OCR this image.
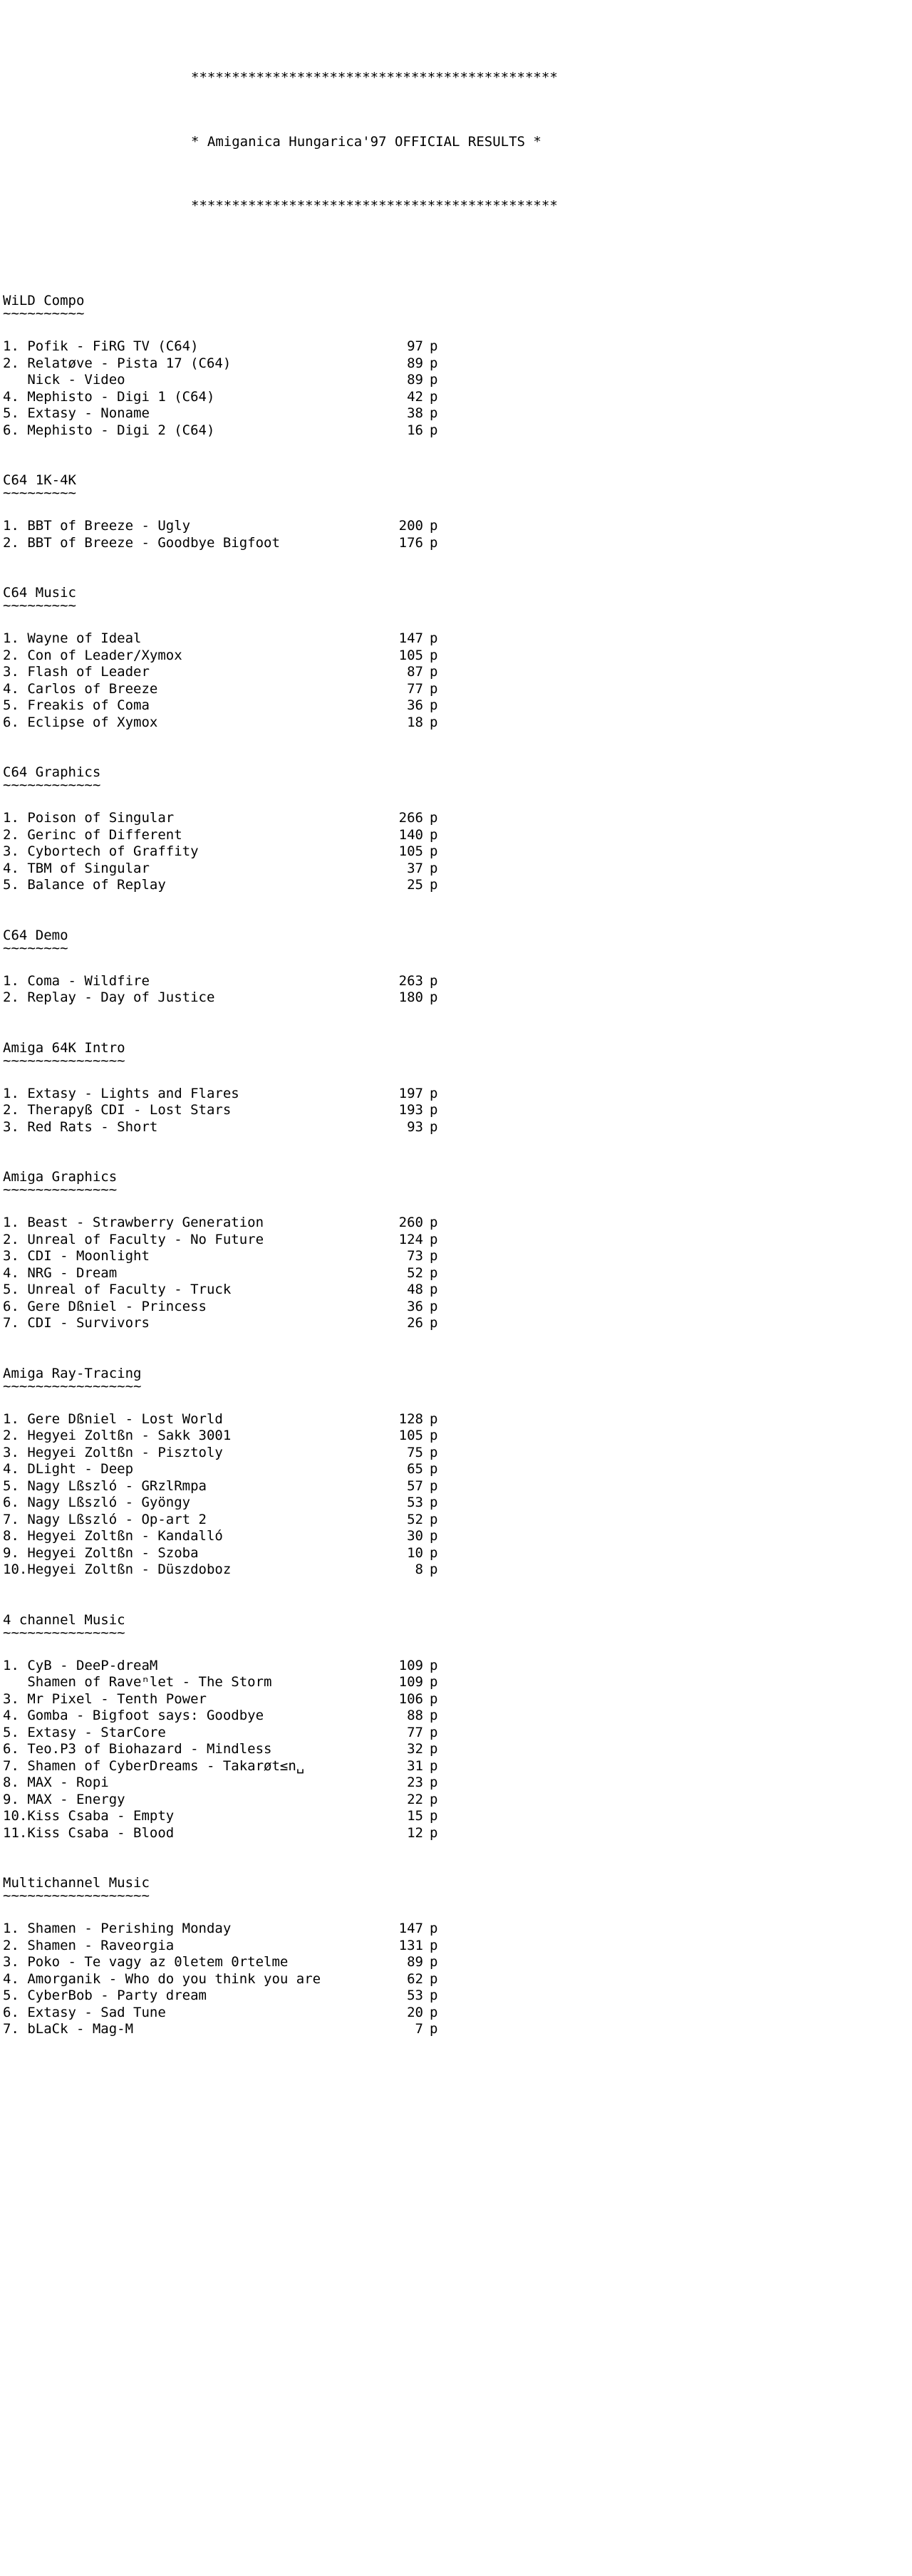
*********************************************

* Amiganica Hungarica'97 OFFICIAL RESULTS *

*********************************************

WiLD Compo
~~~~~~~~~~
1. Pofik - FiRG TV (C64)	97 p
2. Relatøve - Pista 17 (C64)	89 p
Nick - Video	89 p
4. Mephisto - Digi 1 (C64)	42 p
5. Extasy - Noname	38 p
6. Mephisto - Digi 2 (C64)	16 p
C64 1K-4K
~~~~~~~~~
1. BBT of Breeze - Ugly	200 p
2. BBT of Breeze - Goodbye Bigfoot	176 p
C64 Music
~~~~~~~~~
1. Wayne of Ideal	147 p
2. Con of Leader/Xymox	105 p
3. Flash of Leader	87 p
4. Carlos of Breeze	77 p
5. Freakis of Coma	36 p
6. Eclipse of Xymox	18 p
C64 Graphics
~~~~~~~~~~~~
1. Poison of Singular	266 p
2. Gerinc of Different	140 p
3. Cybortech of Graffity	105 p
4. TBM of Singular	37 p
5. Balance of Replay	25 p
C64 Demo
~~~~~~~~
1. Coma - Wildfire	263 p
2. Replay - Day of Justice	180 p
Amiga 64K Intro
~~~~~~~~~~~~~~~
1. Extasy - Lights and Flares	197 p
2. Therapyß CDI - Lost Stars	193 p
3. Red Rats - Short	93 p
Amiga Graphics
~~~~~~~~~~~~~~
1. Beast - Strawberry Generation	260 p
2. Unreal of Faculty - No Future	124 p
3. CDI - Moonlight	73 p
4. NRG - Dream	52 p
5. Unreal of Faculty - Truck	48 p
6. Gere Dßniel - Princess	36 p
7. CDI - Survivors	26 p
Amiga Ray-Tracing
~~~~~~~~~~~~~~~~~
1. Gere Dßniel - Lost World	128 p
2. Hegyei Zoltßn - Sakk 3001	105 p
3. Hegyei Zoltßn - Pisztoly	75 p
4. DLight - Deep	65 p
5. Nagy Lßszló - GRzlRmpa	57 p
6. Nagy Lßszló - Gyöngy	53 p
7. Nagy Lßszló - Op-art 2	52 p
8. Hegyei Zoltßn - Kandalló	30 p
9. Hegyei Zoltßn - Szoba	10 p
10.Hegyei Zoltßn - Düszdoboz	8 p
4 channel Music
~~~~~~~~~~~~~~~
1. CyB - DeeP-dreaM	109 p
Shamen of Raveⁿlet - The Storm	109 p
3. Mr Pixel - Tenth Power	106 p
4. Gomba - Bigfoot says: Goodbye	88 p
5. Extasy - StarCore	77 p
6. Teo.P3 of Biohazard - Mindless	32 p
7. Shamen of CyberDreams - Takarøt≤n␣	31 p
8. MAX - Ropi	23 p
9. MAX - Energy	22 p
10.Kiss Csaba - Empty	15 p
11.Kiss Csaba - Blood	12 p
Multichannel Music
~~~~~~~~~~~~~~~~~~
1. Shamen - Perishing Monday	147 p
2. Shamen - Raveorgia	131 p
3. Poko - Te vagy az 0letem 0rtelme	89 p
4. Amorganik - Who do you think you are	62 p
5. CyberBob - Party dream	53 p
6. Extasy - Sad Tune	20 p
7. bLaCk - Mag-M	7 p
